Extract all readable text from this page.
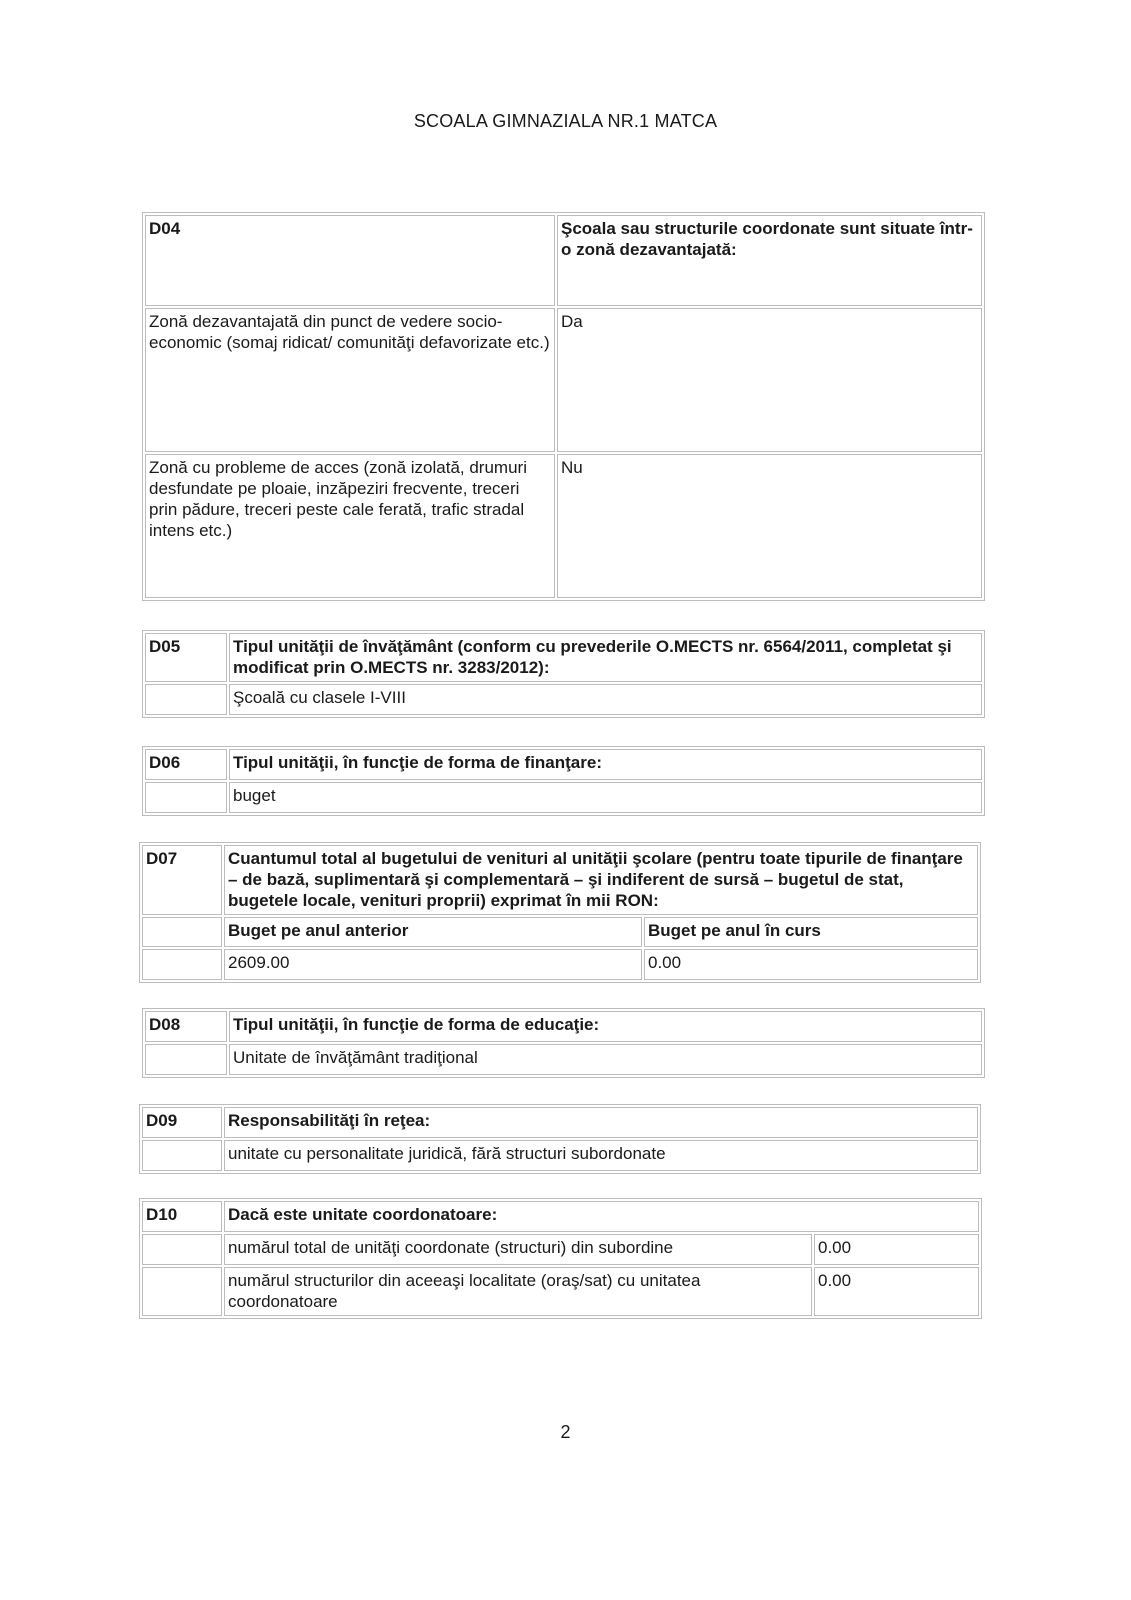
SCOALA GIMNAZIALA NR.1 MATCA
D04	Şcoala sau structurile coordonate sunt situate într-o zonă dezavantajată:
Zonă dezavantajată din punct de vedere socio-economic (somaj ridicat/ comunităţi defavorizate etc.)	Da
Zonă cu probleme de acces (zonă izolată, drumuri desfundate pe ploaie, inzăpeziri frecvente, treceri prin pădure, treceri peste cale ferată, trafic stradal intens etc.)	Nu
D05	Tipul unităţii de învăţământ (conform cu prevederile O.MECTS nr. 6564/2011, completat şi modificat prin O.MECTS nr. 3283/2012):
	Şcoală cu clasele I-VIII
D06	Tipul unităţii, în funcţie de forma de finanţare:
	buget
D07	Cuantumul total al bugetului de venituri al unităţii şcolare (pentru toate tipurile de finanţare – de bază, suplimentară şi complementară – şi indiferent de sursă – bugetul de stat, bugetele locale, venituri proprii) exprimat în mii RON:	
	Buget pe anul anterior	Buget pe anul în curs
	2609.00	0.00
D08	Tipul unităţii, în funcţie de forma de educaţie:
	Unitate de învăţământ tradiţional
D09	Responsabilităţi în reţea:
	unitate cu personalitate juridică, fără structuri subordonate
D10	Dacă este unitate coordonatoare:	
	numărul total de unităţi coordonate (structuri) din subordine	0.00
	numărul structurilor din aceeaşi localitate (oraş/sat) cu unitatea coordonatoare	0.00
2
